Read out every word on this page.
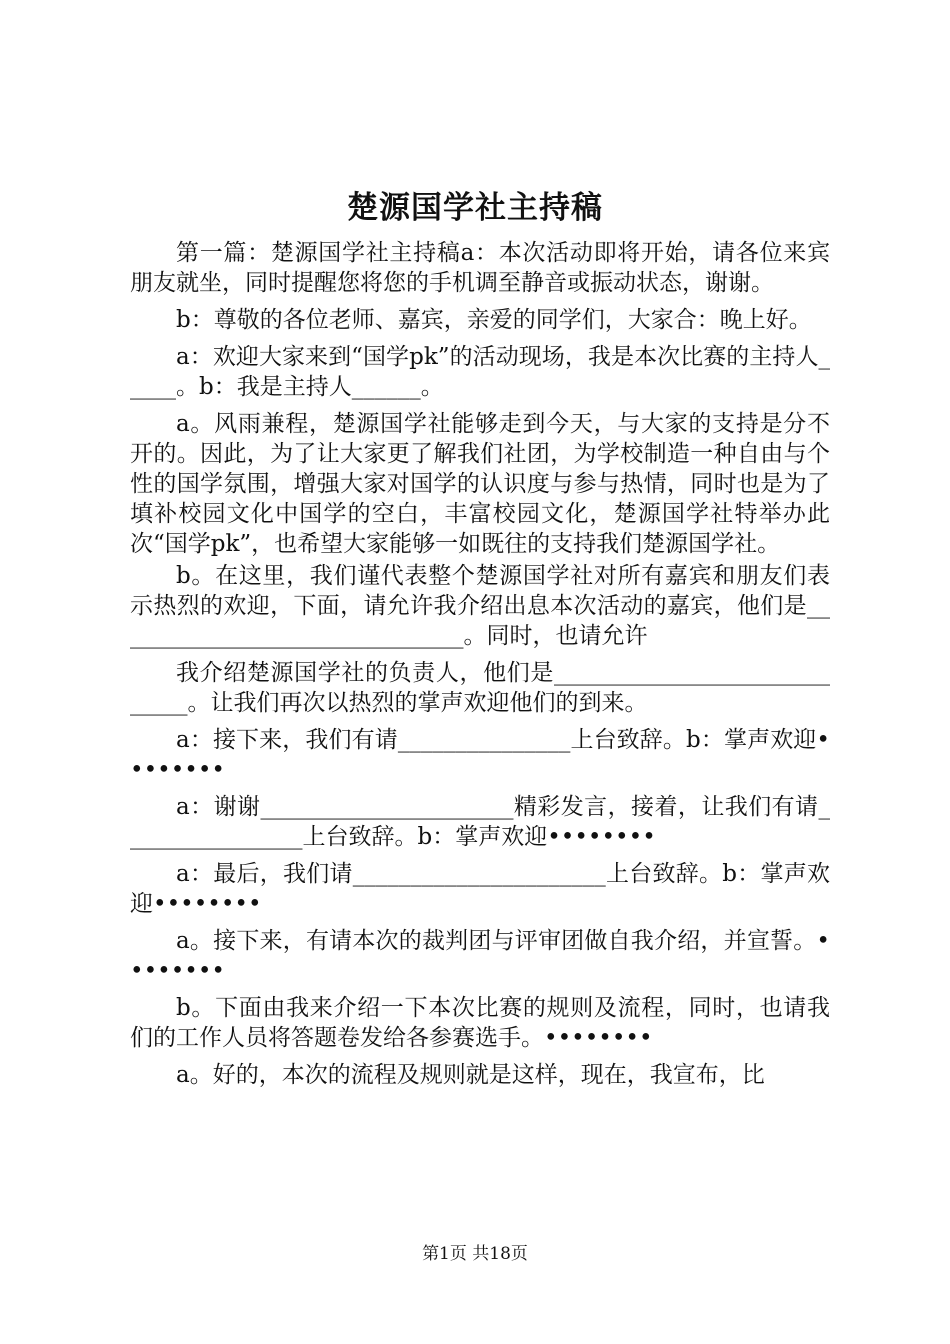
楚源国学社主持稿

第一篇：楚源国学社主持稿a：本次活动即将开始，请各位来宾朋友就坐，同时提醒您将您的手机调至静音或振动状态，谢谢。

b：尊敬的各位老师、嘉宾，亲爱的同学们，大家合：晚上好。

a：欢迎大家来到“国学pk”的活动现场，我是本次比赛的主持人_____。b：我是主持人______。

a。风雨兼程，楚源国学社能够走到今天，与大家的支持是分不开的。因此，为了让大家更了解我们社团，为学校制造一种自由与个性的国学氛围，增强大家对国学的认识度与参与热情，同时也是为了填补校园文化中国学的空白，丰富校园文化，楚源国学社特举办此次“国学pk”，也希望大家能够一如既往的支持我们楚源国学社。

b。在这里，我们谨代表整个楚源国学社对所有嘉宾和朋友们表示热烈的欢迎，下面，请允许我介绍出息本次活动的嘉宾，他们是_______________________________。同时，也请允许

我介绍楚源国学社的负责人，他们是_____________________________。让我们再次以热烈的掌声欢迎他们的到来。

a：接下来，我们有请_______________上台致辞。b：掌声欢迎••••••••

a：谢谢______________________精彩发言，接着，让我们有请________________上台致辞。b：掌声欢迎••••••••

a：最后，我们请______________________上台致辞。b：掌声欢迎••••••••

a。接下来，有请本次的裁判团与评审团做自我介绍，并宣誓。••••••••

b。下面由我来介绍一下本次比赛的规则及流程，同时，也请我们的工作人员将答题卷发给各参赛选手。••••••••

a。好的，本次的流程及规则就是这样，现在，我宣布，比

第1页 共18页
